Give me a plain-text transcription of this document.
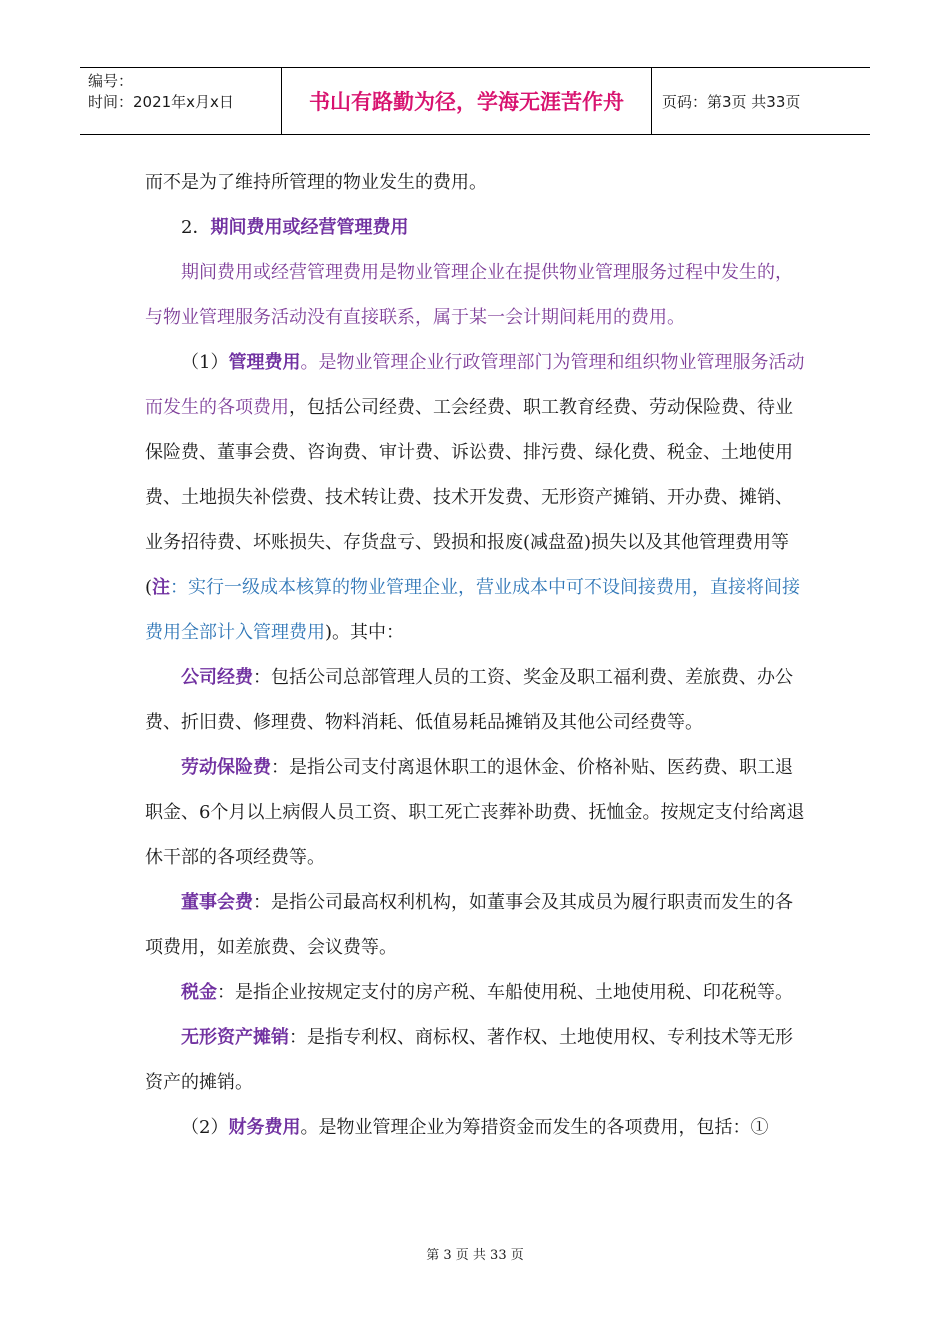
编号：
时间：2021年x月x日	书山有路勤为径，学海无涯苦作舟	页码：第3页 共33页

而不是为了维持所管理的物业发生的费用。

2．期间费用或经营管理费用

期间费用或经营管理费用是物业管理企业在提供物业管理服务过程中发生的，与物业管理服务活动没有直接联系，属于某一会计期间耗用的费用。

（1）管理费用。是物业管理企业行政管理部门为管理和组织物业管理服务活动而发生的各项费用，包括公司经费、工会经费、职工教育经费、劳动保险费、待业保险费、董事会费、咨询费、审计费、诉讼费、排污费、绿化费、税金、土地使用费、土地损失补偿费、技术转让费、技术开发费、无形资产摊销、开办费、摊销、业务招待费、坏账损失、存货盘亏、毁损和报废(减盘盈)损失以及其他管理费用等(注：实行一级成本核算的物业管理企业，营业成本中可不设间接费用，直接将间接费用全部计入管理费用)。其中：

公司经费：包括公司总部管理人员的工资、奖金及职工福利费、差旅费、办公费、折旧费、修理费、物料消耗、低值易耗品摊销及其他公司经费等。

劳动保险费：是指公司支付离退休职工的退休金、价格补贴、医药费、职工退职金、6个月以上病假人员工资、职工死亡丧葬补助费、抚恤金。按规定支付给离退休干部的各项经费等。

董事会费：是指公司最高权利机构，如董事会及其成员为履行职责而发生的各项费用，如差旅费、会议费等。

税金：是指企业按规定支付的房产税、车船使用税、土地使用税、印花税等。

无形资产摊销：是指专利权、商标权、著作权、土地使用权、专利技术等无形资产的摊销。

（2）财务费用。是物业管理企业为筹措资金而发生的各项费用，包括：①

第 3 页 共 33 页
